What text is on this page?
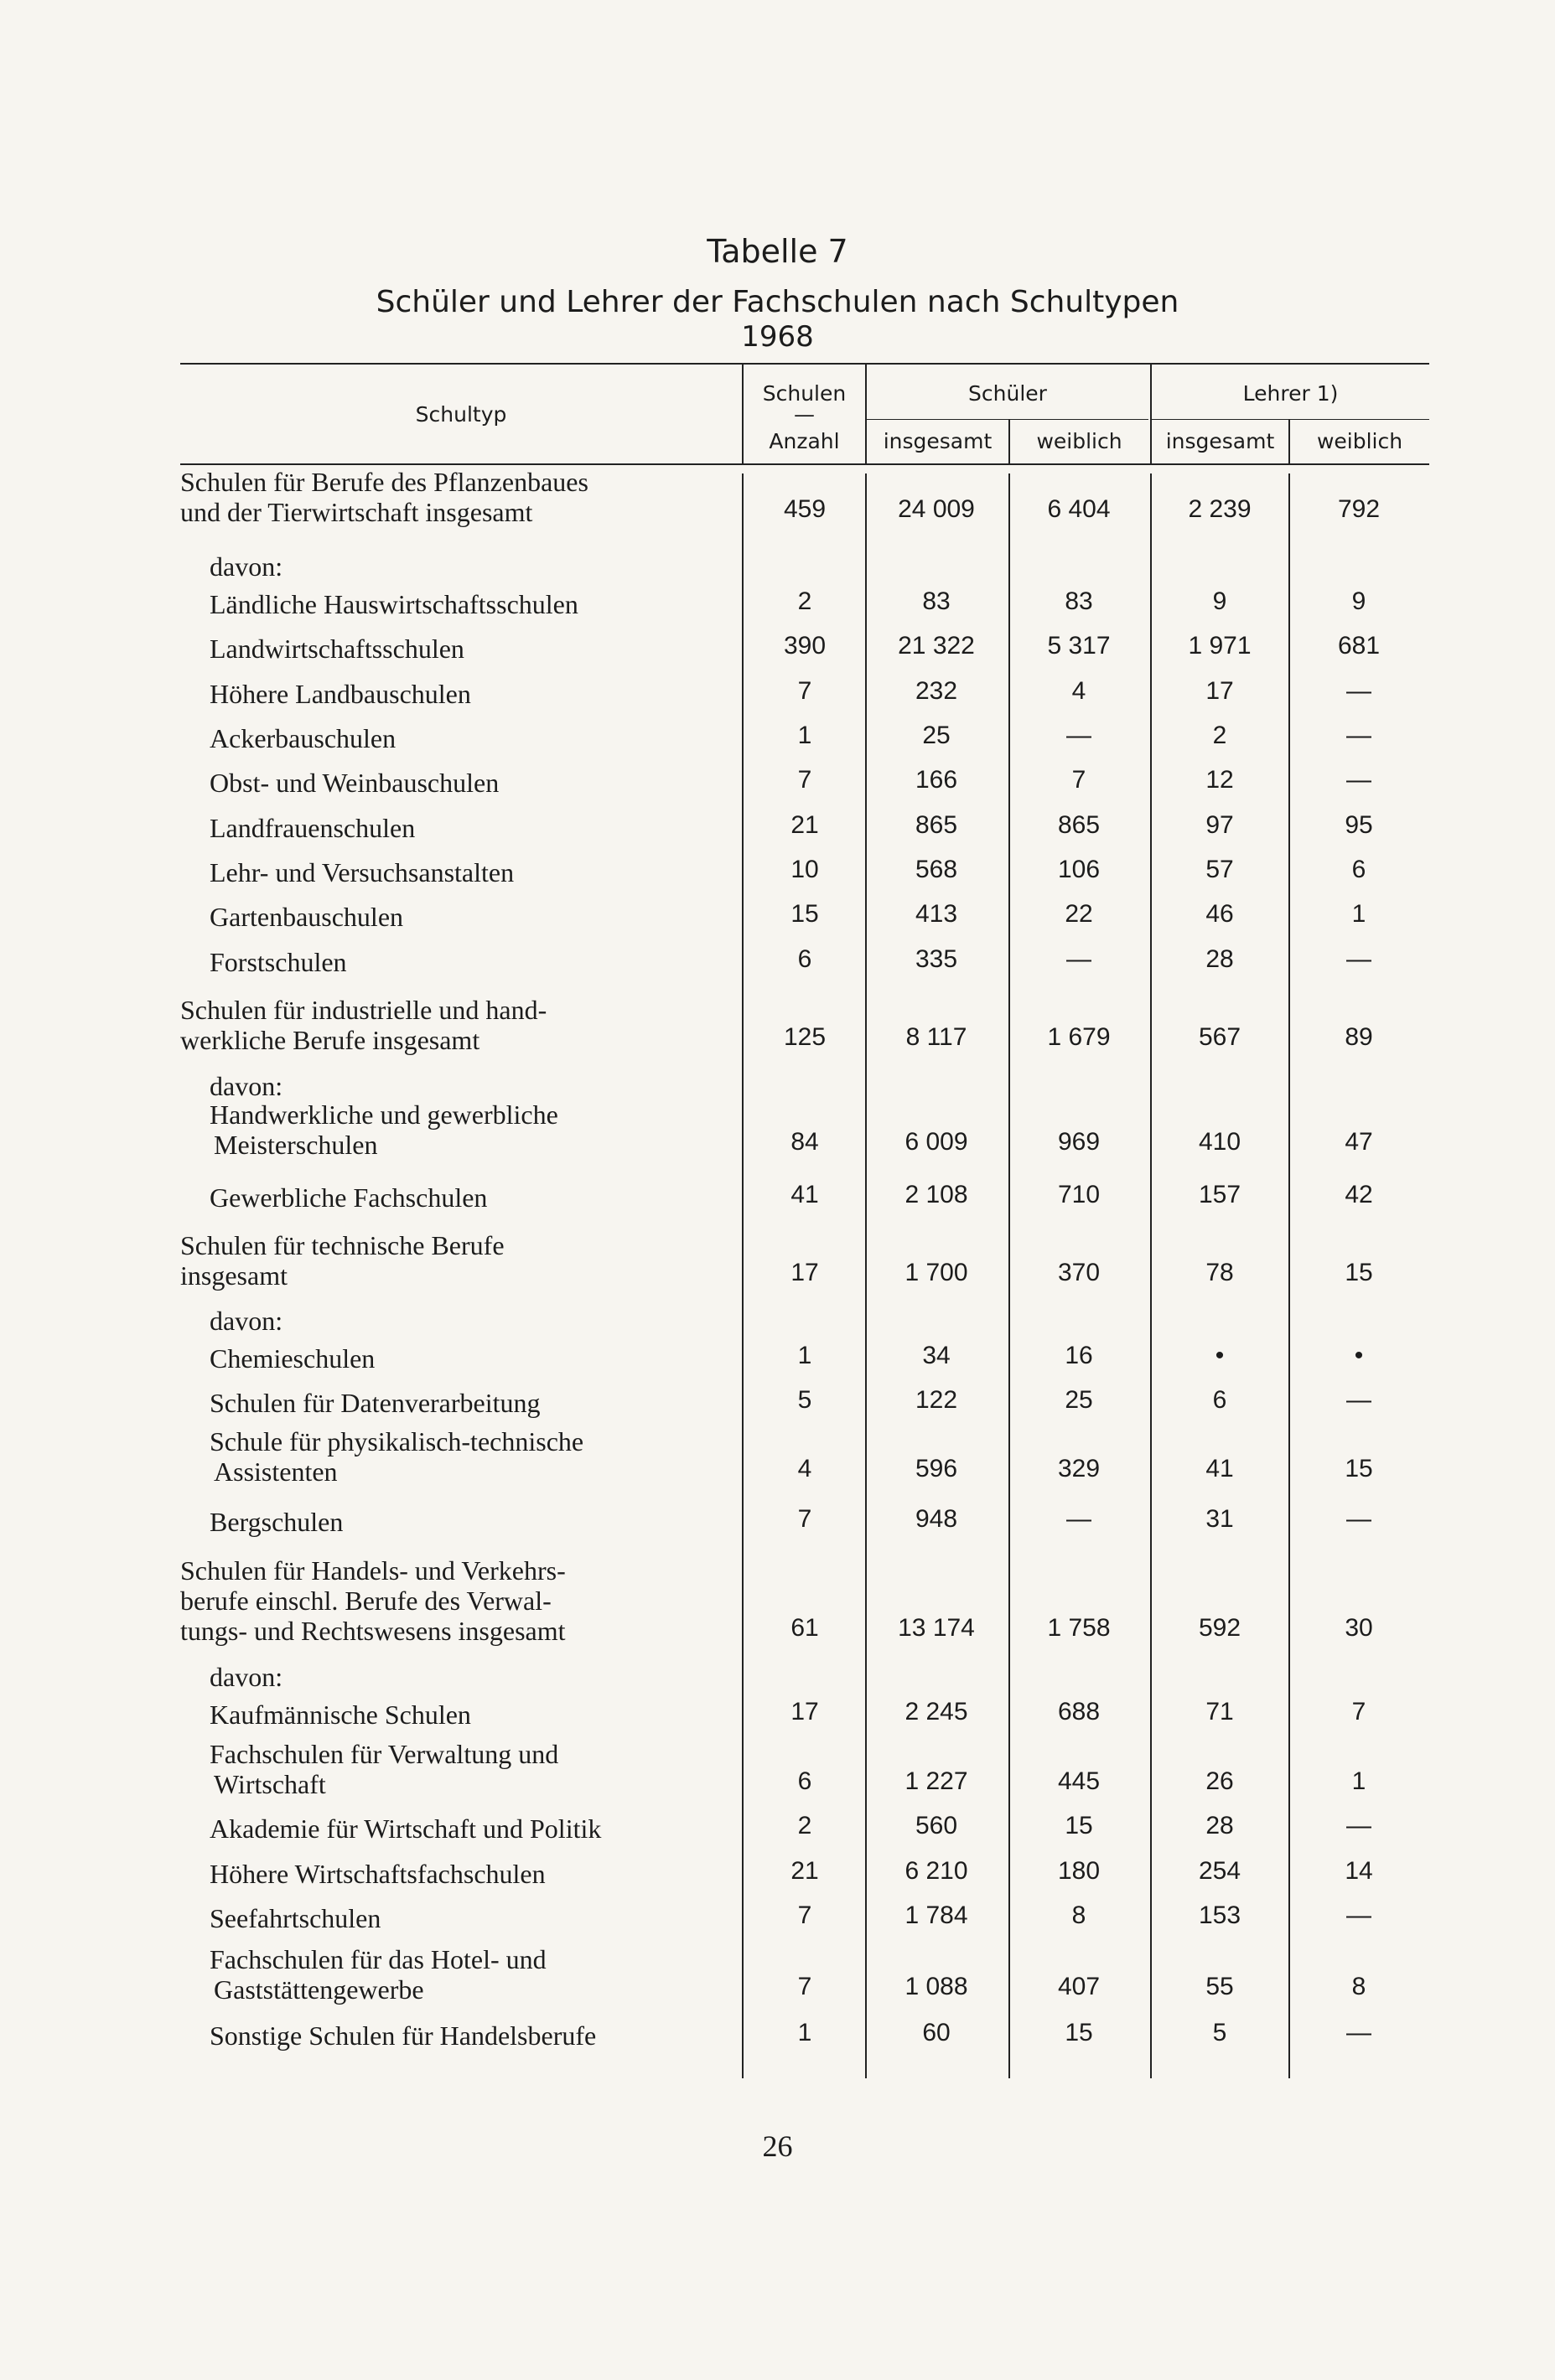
Tabelle 7
Schüler und Lehrer der Fachschulen nach Schultypen
1968
Schultyp
Schulen
—
Anzahl
Schüler	Lehrer 1)
insgesamt	weiblich	insgesamt	weiblich
Schulen für Berufe des Pflanzenbaues
und der Tierwirtschaft insgesamt	459	24 009	6 404	2 239	792
davon:
Ländliche Hauswirtschaftsschulen	2	83	83	9	9
Landwirtschaftsschulen	390	21 322	5 317	1 971	681
Höhere Landbauschulen	7	232	4	17	—
Ackerbauschulen	1	25	—	2	—
Obst- und Weinbauschulen	7	166	7	12	—
Landfrauenschulen	21	865	865	97	95
Lehr- und Versuchsanstalten	10	568	106	57	6
Gartenbauschulen	15	413	22	46	1
Forstschulen	6	335	—	28	—
Schulen für industrielle und hand-
werkliche Berufe insgesamt	125	8 117	1 679	567	89
davon:
Handwerkliche und gewerbliche
Meisterschulen	84	6 009	969	410	47
Gewerbliche Fachschulen	41	2 108	710	157	42
Schulen für technische Berufe
insgesamt	17	1 700	370	78	15
davon:
Chemieschulen	1	34	16	•	•
Schulen für Datenverarbeitung	5	122	25	6	—
Schule für physikalisch-technische
Assistenten	4	596	329	41	15
Bergschulen	7	948	—	31	—
Schulen für Handels- und Verkehrs-
berufe einschl. Berufe des Verwal-
tungs- und Rechtswesens insgesamt	61	13 174	1 758	592	30
davon:
Kaufmännische Schulen	17	2 245	688	71	7
Fachschulen für Verwaltung und
Wirtschaft	6	1 227	445	26	1
Akademie für Wirtschaft und Politik	2	560	15	28	—
Höhere Wirtschaftsfachschulen	21	6 210	180	254	14
Seefahrtschulen	7	1 784	8	153	—
Fachschulen für das Hotel- und
Gaststättengewerbe	7	1 088	407	55	8
Sonstige Schulen für Handelsberufe	1	60	15	5	—
26
